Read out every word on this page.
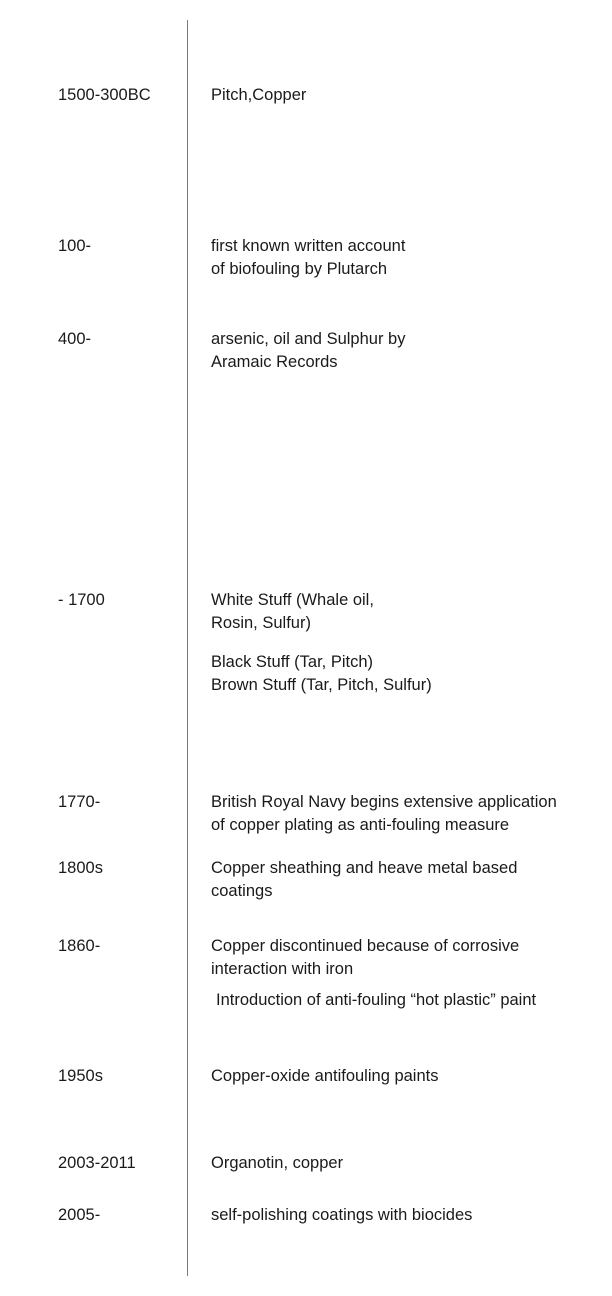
1500-300BC	Pitch,Copper
100-	first known written account
of biofouling by Plutarch
400-	arsenic, oil and Sulphur by
Aramaic Records
- 1700	White Stuff (Whale oil,
Rosin, Sulfur)
Black Stuff (Tar, Pitch)
Brown Stuff (Tar, Pitch, Sulfur)
1770-	British Royal Navy begins extensive application
of copper plating as anti-fouling measure
1800s	Copper sheathing and heave metal based
coatings
1860-	Copper discontinued because of corrosive
interaction with iron
Introduction of anti-fouling “hot plastic” paint
1950s	Copper-oxide antifouling paints
2003-2011	Organotin, copper
2005-	self-polishing coatings with biocides
